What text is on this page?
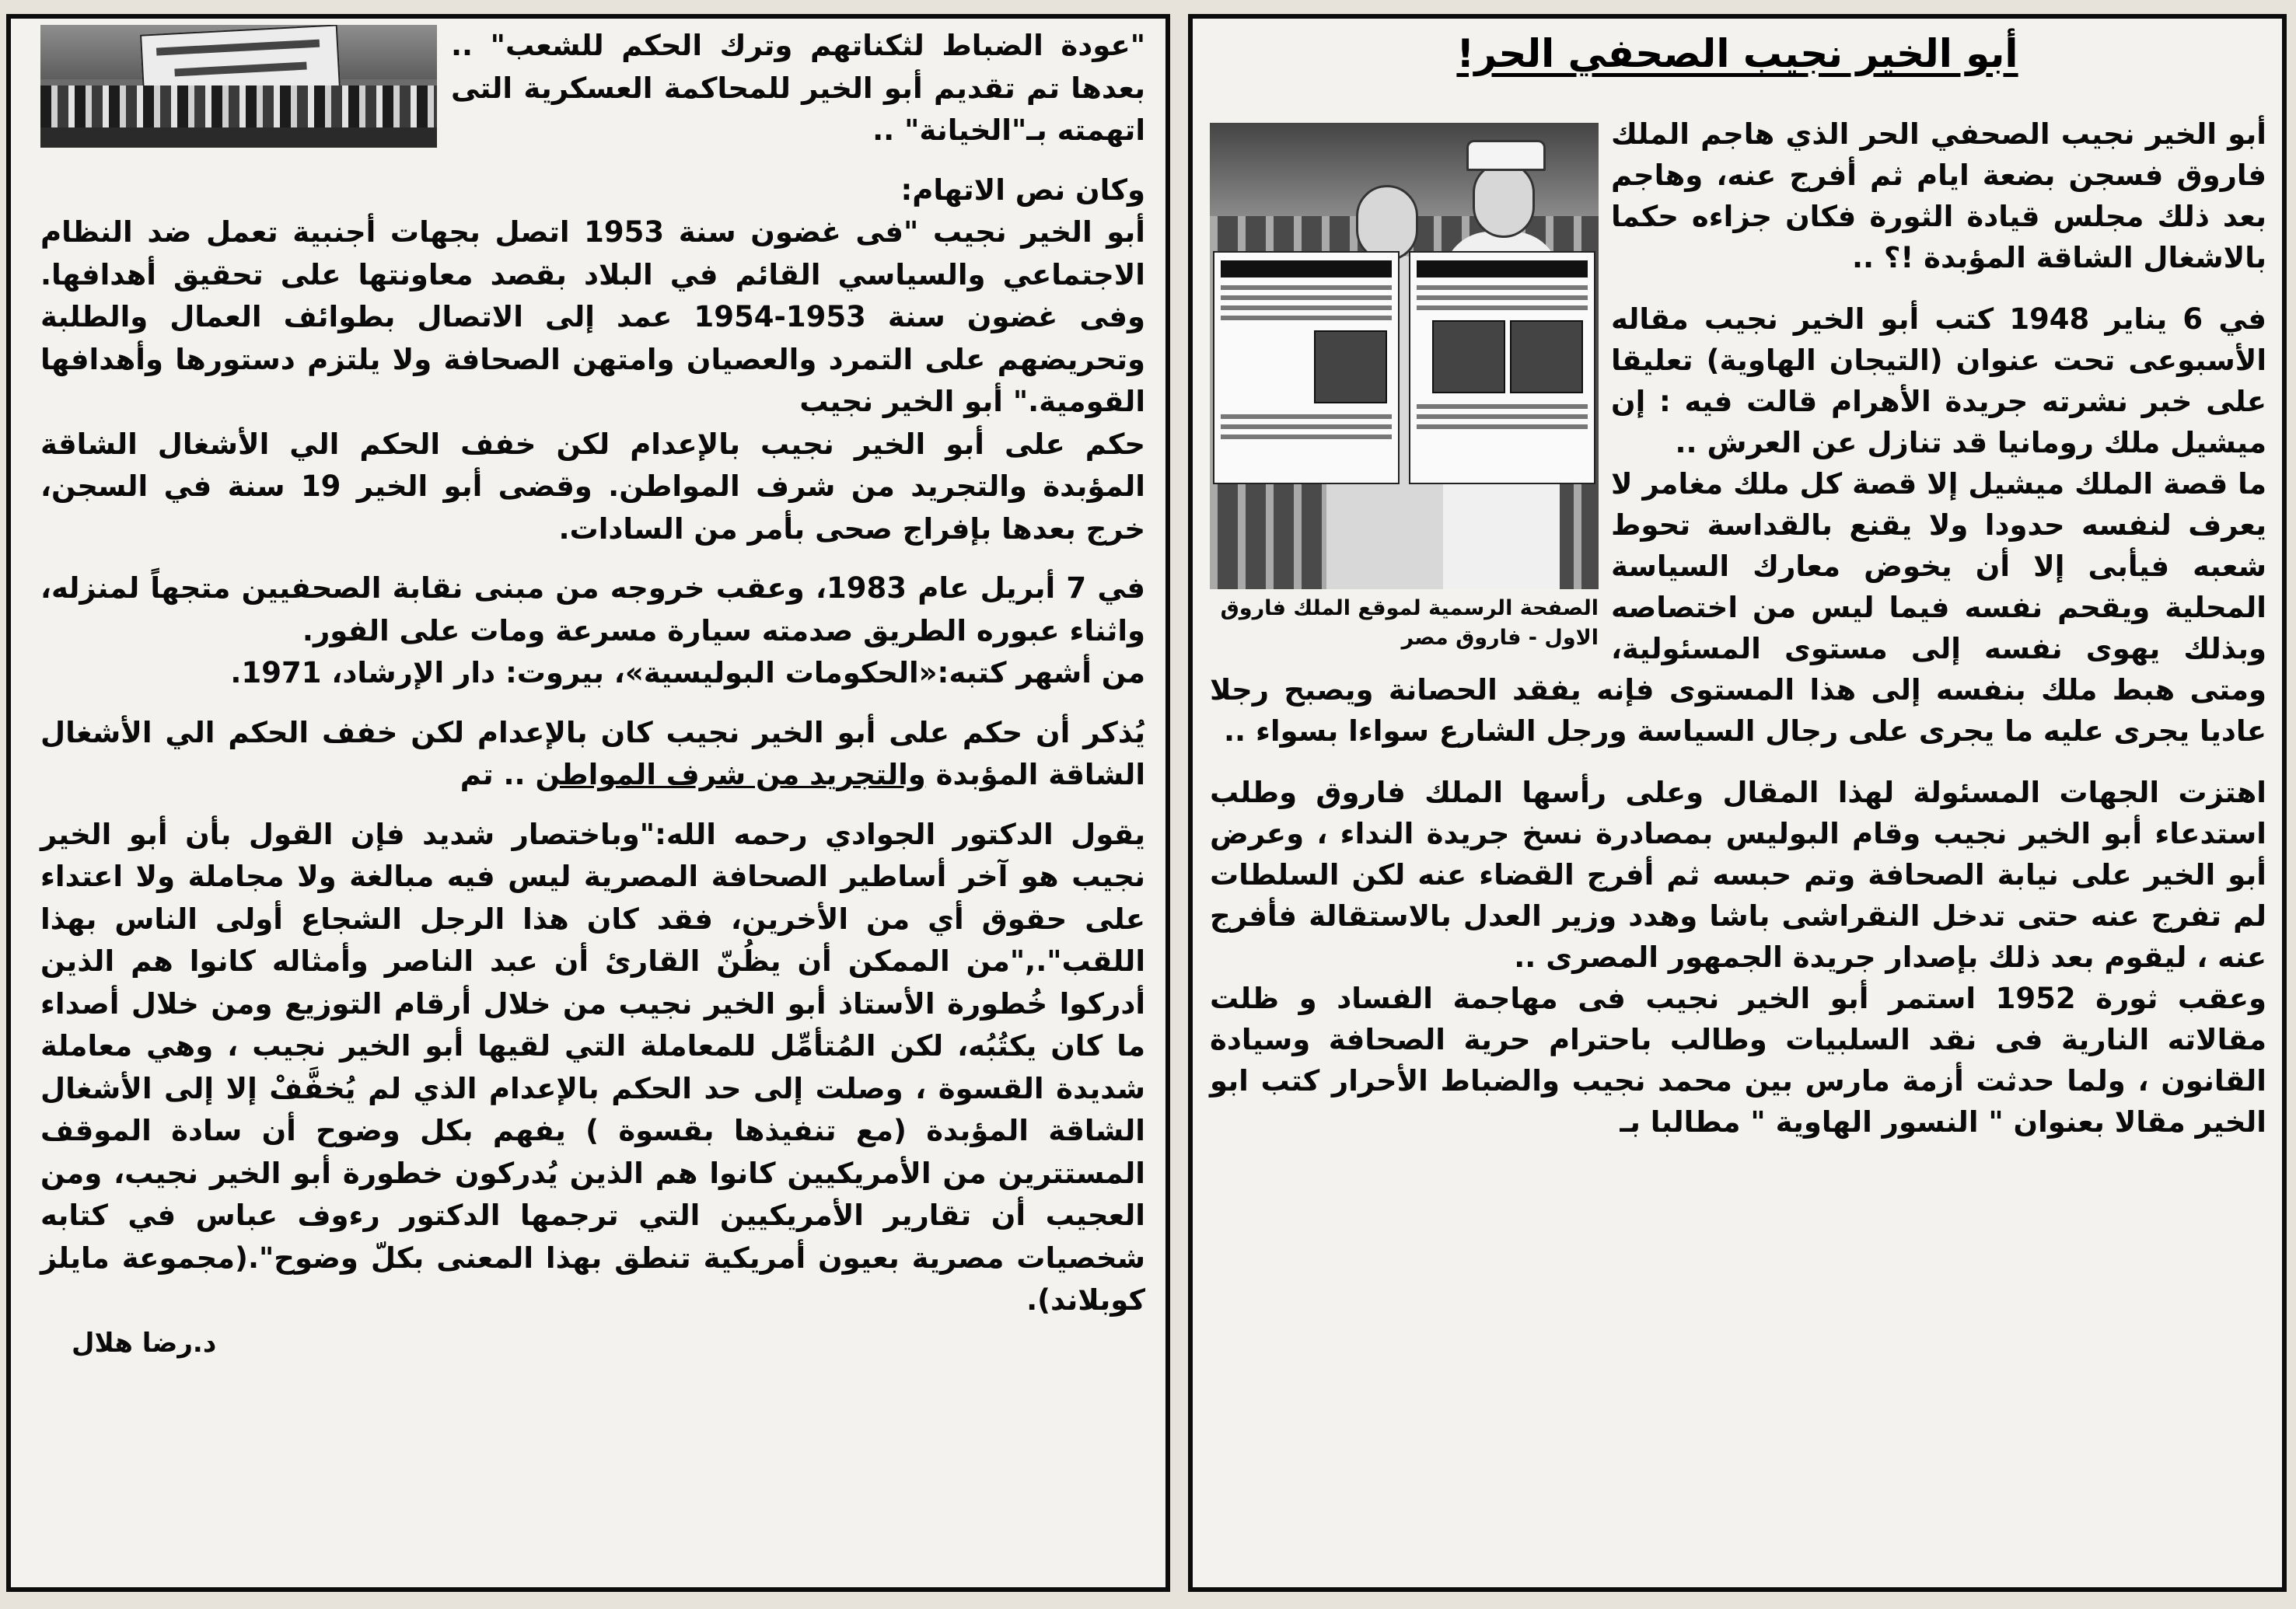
"عودة الضباط لثكناتهم وترك الحكم للشعب" .. بعدها تم تقديم أبو الخير للمحاكمة العسكرية التى اتهمته بـ"الخيانة" ..

وكان نص الاتهام:

أبو الخير نجيب "فى غضون سنة 1953 اتصل بجهات أجنبية تعمل ضد النظام الاجتماعي والسياسي القائم في البلاد بقصد معاونتها على تحقيق أهدافها. وفى غضون سنة 1953-1954 عمد إلى الاتصال بطوائف العمال والطلبة وتحريضهم على التمرد والعصيان وامتهن الصحافة ولا يلتزم دستورها وأهدافها القومية." أبو الخير نجيب

حكم على أبو الخير نجيب بالإعدام لكن خفف الحكم الي الأشغال الشاقة المؤبدة والتجريد من شرف المواطن. وقضى أبو الخير 19 سنة في السجن، خرج بعدها بإفراج صحى بأمر من السادات.

في 7 أبريل عام 1983، وعقب خروجه من مبنى نقابة الصحفيين متجهاً لمنزله، واثناء عبوره الطريق صدمته سيارة مسرعة ومات على الفور.

من أشهر كتبه:«الحكومات البوليسية»، بيروت: دار الإرشاد، 1971.

يُذكر أن حكم على أبو الخير نجيب كان بالإعدام لكن خفف الحكم الي الأشغال الشاقة المؤبدة والتجريد من شرف المواطن .. تم

يقول الدكتور الجوادي رحمه الله:"وباختصار شديد فإن القول بأن أبو الخير نجيب هو آخر أساطير الصحافة المصرية ليس فيه مبالغة ولا مجاملة ولا اعتداء على حقوق أي من الأخرين، فقد كان هذا الرجل الشجاع أولى الناس بهذا اللقب".,"من الممكن أن يظُنّ القارئ أن عبد الناصر وأمثاله كانوا هم الذين أدركوا خُطورة الأستاذ أبو الخير نجيب من خلال أرقام التوزيع ومن خلال أصداء ما كان يكتُبُه، لكن المُتأمِّل للمعاملة التي لقيها أبو الخير نجيب ، وهي معاملة شديدة القسوة ، وصلت إلى حد الحكم بالإعدام الذي لم يُخفَّفْ إلا إلى الأشغال الشاقة المؤبدة (مع تنفيذها بقسوة ) يفهم بكل وضوح أن سادة الموقف المستترين من الأمريكيين كانوا هم الذين يُدركون خطورة أبو الخير نجيب، ومن العجيب أن تقارير الأمريكيين التي ترجمها الدكتور رءوف عباس في كتابه شخصيات مصرية بعيون أمريكية تنطق بهذا المعنى بكلّ وضوح".(مجموعة مايلز كوبلاند).

د.رضا هلال
أبو الخير نجيب الصحفي الحر!
الصفحة الرسمية لموقع الملك فاروق الاول - فاروق مصر

أبو الخير نجيب الصحفي الحر الذي هاجم الملك فاروق فسجن بضعة ايام ثم أفرج عنه، وهاجم بعد ذلك مجلس قيادة الثورة فكان جزاءه حكما بالاشغال الشاقة المؤبدة !؟ ..

في 6 يناير 1948 كتب أبو الخير نجيب مقاله الأسبوعى تحت عنوان (التيجان الهاوية) تعليقا على خبر نشرته جريدة الأهرام قالت فيه : إن ميشيل ملك رومانيا قد تنازل عن العرش ..

ما قصة الملك ميشيل إلا قصة كل ملك مغامر لا يعرف لنفسه حدودا ولا يقنع بالقداسة تحوط شعبه فيأبى إلا أن يخوض معارك السياسة المحلية ويقحم نفسه فيما ليس من اختصاصه وبذلك يهوى نفسه إلى مستوى المسئولية، ومتى هبط ملك بنفسه إلى هذا المستوى فإنه يفقد الحصانة ويصبح رجلا عاديا يجرى عليه ما يجرى على رجال السياسة ورجل الشارع سواءا بسواء ..

اهتزت الجهات المسئولة لهذا المقال وعلى رأسها الملك فاروق وطلب استدعاء أبو الخير نجيب وقام البوليس بمصادرة نسخ جريدة النداء ، وعرض أبو الخير على نيابة الصحافة وتم حبسه ثم أفرج القضاء عنه لكن السلطات لم تفرج عنه حتى تدخل النقراشى باشا وهدد وزير العدل بالاستقالة فأفرج عنه ، ليقوم بعد ذلك بإصدار جريدة الجمهور المصرى ..

وعقب ثورة 1952 استمر أبو الخير نجيب فى مهاجمة الفساد و ظلت مقالاته النارية فى نقد السلبيات وطالب باحترام حرية الصحافة وسيادة القانون ، ولما حدثت أزمة مارس بين محمد نجيب والضباط الأحرار كتب ابو الخير مقالا بعنوان " النسور الهاوية " مطالبا بـ
